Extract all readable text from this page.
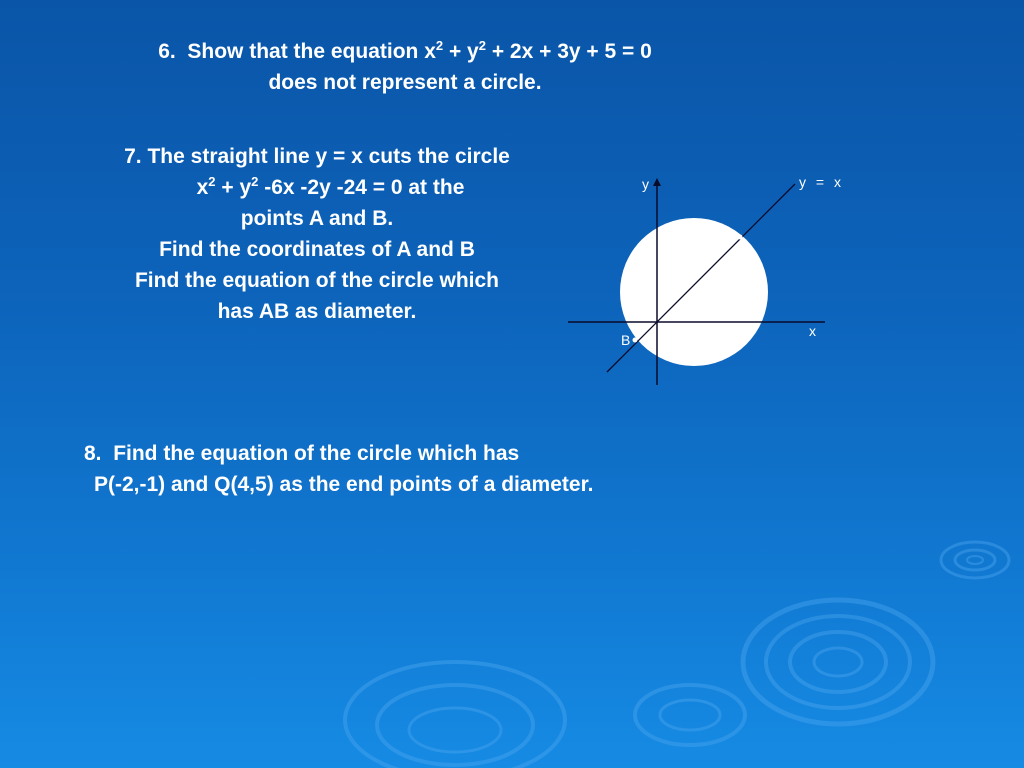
6. Show that the equation $x^2 + y^2 + 2x + 3y + 5 = 0$
does not represent a circle.
7. The straight line y = x cuts the circle
$x^2 + y^2$ -6x -2y -24 = 0 at the
points A and B.
Find the coordinates of A and B
Find the equation of the circle which
has AB as diameter.
y
x
y = x
B
8. Find the equation of the circle which has
P(-2,-1) and Q(4,5) as the end points of a diameter.
